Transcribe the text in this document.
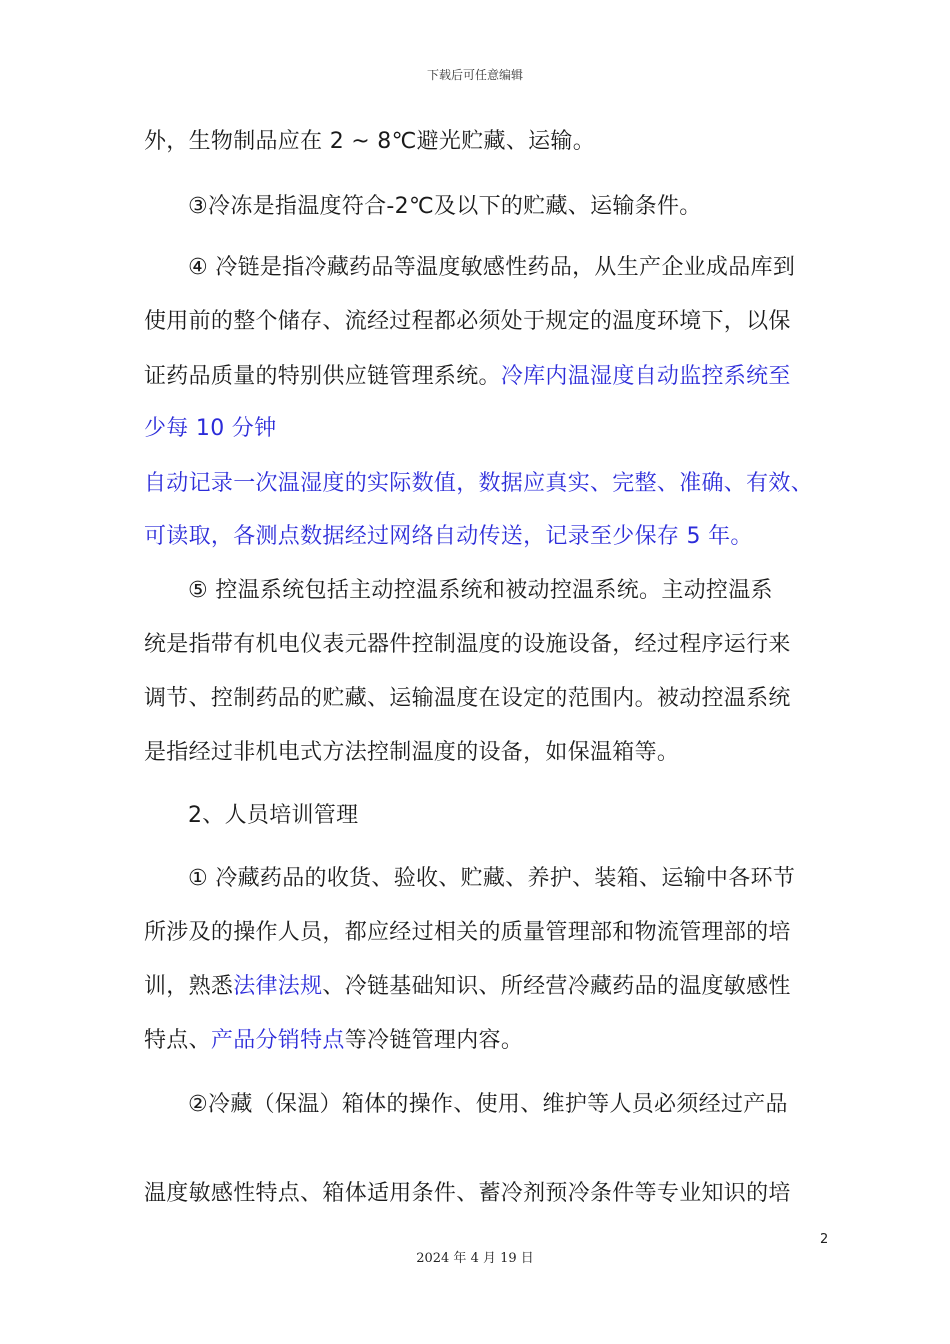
下载后可任意编辑
外，生物制品应在 2 ~ 8℃避光贮藏、运输。
③冷冻是指温度符合-2℃及以下的贮藏、运输条件。
④ 冷链是指冷藏药品等温度敏感性药品，从生产企业成品库到
使用前的整个储存、流经过程都必须处于规定的温度环境下，以保
证药品质量的特别供应链管理系统。冷库内温湿度自动监控系统至
少每 10 分钟
自动记录一次温湿度的实际数值，数据应真实、完整、准确、有效、
可读取，各测点数据经过网络自动传送，记录至少保存 5 年。
⑤ 控温系统包括主动控温系统和被动控温系统。主动控温系
统是指带有机电仪表元器件控制温度的设施设备，经过程序运行来
调节、控制药品的贮藏、运输温度在设定的范围内。被动控温系统
是指经过非机电式方法控制温度的设备，如保温箱等。
2、人员培训管理
① 冷藏药品的收货、验收、贮藏、养护、装箱、运输中各环节
所涉及的操作人员，都应经过相关的质量管理部和物流管理部的培
训，熟悉法律法规、冷链基础知识、所经营冷藏药品的温度敏感性
特点、产品分销特点等冷链管理内容。
②冷藏（保温）箱体的操作、使用、维护等人员必须经过产品
温度敏感性特点、箱体适用条件、蓄冷剂预冷条件等专业知识的培
2
2024 年 4 月 19 日
